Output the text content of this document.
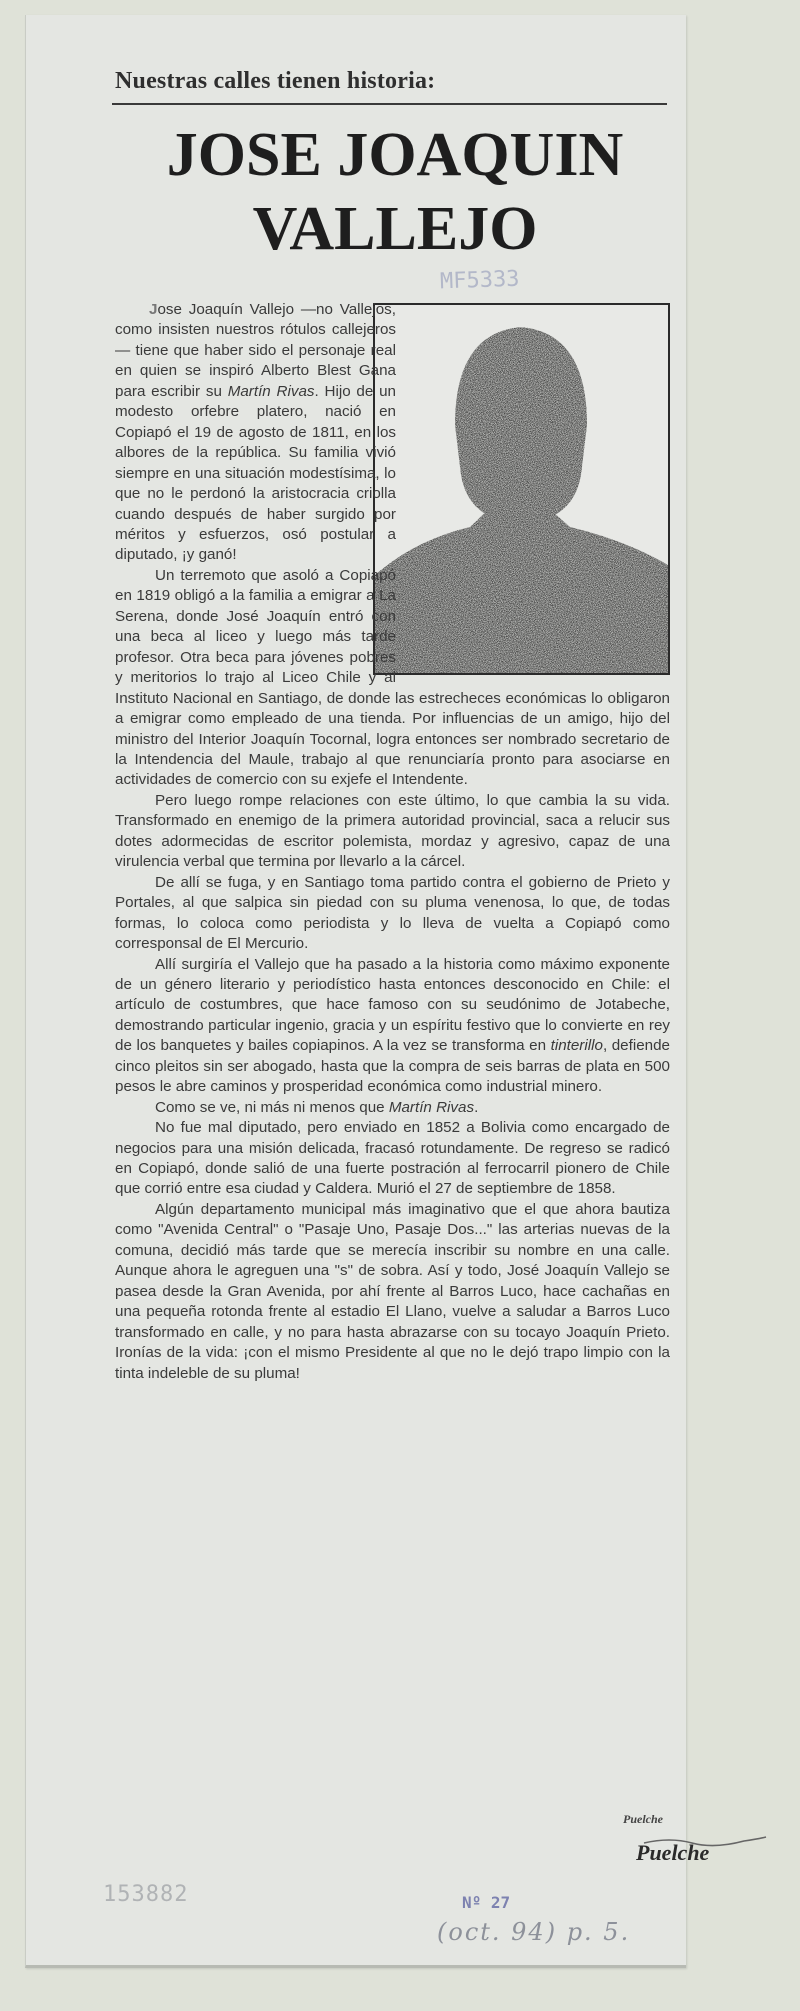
Nuestras calles tienen historia:
JOSE JOAQUIN
VALLEJO
MF5333

Jose Joaquín Vallejo —no Vallejos, como insisten nuestros rótulos callejeros— tiene que haber sido el personaje real en quien se inspiró Alberto Blest Gana para escribir su Martín Rivas. Hijo de un modesto orfebre platero, nació en Copiapó el 19 de agosto de 1811, en los albores de la república. Su familia vivió siempre en una situación modestísima, lo que no le perdonó la aristocracia criolla cuando después de haber surgido por méritos y esfuerzos, osó postular a diputado, ¡y ganó!

Un terremoto que asoló a Copiapó en 1819 obligó a la familia a emigrar a La Serena, donde José Joaquín entró con una beca al liceo y luego más tarde profesor. Otra beca para jóvenes pobres y meritorios lo trajo al Liceo Chile y al Instituto Nacional en Santiago, de donde las estrecheces económicas lo obligaron a emigrar como empleado de una tienda. Por influencias de un amigo, hijo del ministro del Interior Joaquín Tocornal, logra entonces ser nombrado secretario de la Intendencia del Maule, trabajo al que renunciaría pronto para asociarse en actividades de comercio con su exjefe el Intendente.

Pero luego rompe relaciones con este último, lo que cambia la su vida. Transformado en enemigo de la primera autoridad provincial, saca a relucir sus dotes adormecidas de escritor polemista, mordaz y agresivo, capaz de una virulencia verbal que termina por llevarlo a la cárcel.

De allí se fuga, y en Santiago toma partido contra el gobierno de Prieto y Portales, al que salpica sin piedad con su pluma venenosa, lo que, de todas formas, lo coloca como periodista y lo lleva de vuelta a Copiapó como corresponsal de El Mercurio.

Allí surgiría el Vallejo que ha pasado a la historia como máximo exponente de un género literario y periodístico hasta entonces desconocido en Chile: el artículo de costumbres, que hace famoso con su seudónimo de Jotabeche, demostrando particular ingenio, gracia y un espíritu festivo que lo convierte en rey de los banquetes y bailes copiapinos. A la vez se transforma en tinterillo, defiende cinco pleitos sin ser abogado, hasta que la compra de seis barras de plata en 500 pesos le abre caminos y prosperidad económica como industrial minero.

Como se ve, ni más ni menos que Martín Rivas.

No fue mal diputado, pero enviado en 1852 a Bolivia como encargado de negocios para una misión delicada, fracasó rotundamente. De regreso se radicó en Copiapó, donde salió de una fuerte postración al ferrocarril pionero de Chile que corrió entre esa ciudad y Caldera. Murió el 27 de septiembre de 1858.

Algún departamento municipal más imaginativo que el que ahora bautiza como "Avenida Central" o "Pasaje Uno, Pasaje Dos..." las arterias nuevas de la comuna, decidió más tarde que se merecía inscribir su nombre en una calle. Aunque ahora le agreguen una "s" de sobra. Así y todo, José Joaquín Vallejo se pasea desde la Gran Avenida, por ahí frente al Barros Luco, hace cachañas en una pequeña rotonda frente al estadio El Llano, vuelve a saludar a Barros Luco transformado en calle, y no para hasta abrazarse con su tocayo Joaquín Prieto. Ironías de la vida: ¡con el mismo Presidente al que no le dejó trapo limpio con la tinta indeleble de su pluma!

Puelche
Puelche
153882	Nº 27
(oct. 94) p. 5.
